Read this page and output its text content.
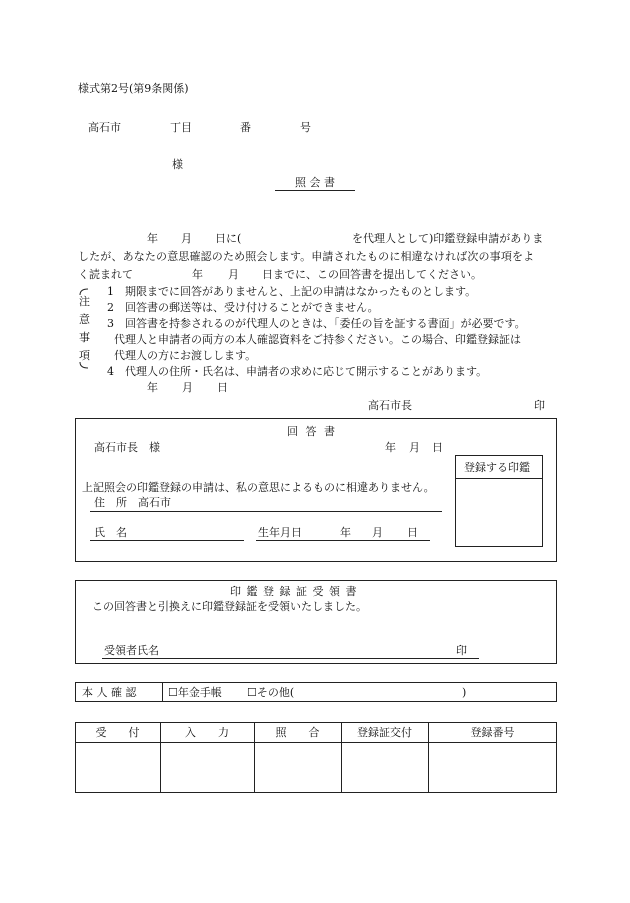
様式第2号(第9条関係)
高石市	丁目	番	号
様
照 会 書
年 月 日に(	を代理人として)印鑑登録申請がありま
したが、あなたの意思確認のため照会します。申請されたものに相違なければ次の事項をよ
く読まれて	年 月 日までに、この回答書を提出してください。
注
意
事
項
1　期限までに回答がありませんと、上記の申請はなかったものとします。
2　回答書の郵送等は、受け付けることができません。
3　回答書を持参されるのが代理人のときは、「委任の旨を証する書面」が必要です。
代理人と申請者の両方の本人確認資料をご持参ください。この場合、印鑑登録証は
代理人の方にお渡しします。
4　代理人の住所・氏名は、申請者の求めに応じて開示することがあります。
年 月 日
高石市長	印
回 答 書
高石市長　様	年 月 日
登録する印鑑
上記照会の印鑑登録の申請は、私の意思によるものに相違ありません。
住　所　高石市
氏　名	生年月日	年 月 日
印 鑑 登 録 証 受 領 書
この回答書と引換えに印鑑登録証を受領いたしました。
受領者氏名	印
本 人 確 認	☐年金手帳 ☐その他(	)
受　　付	入　　力	照　　合	登録証交付	登録番号
